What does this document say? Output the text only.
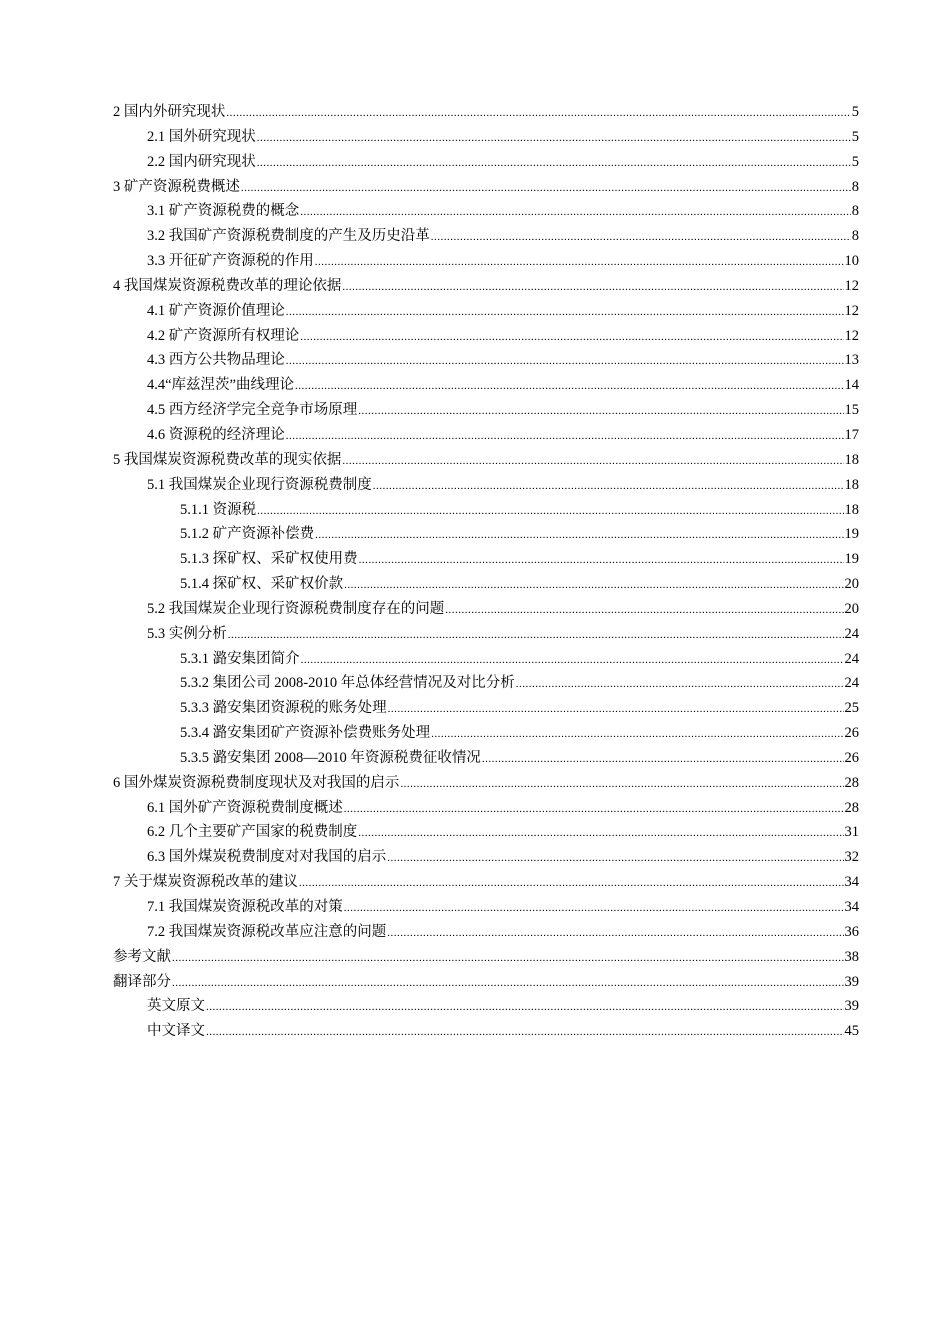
2 国内外研究现状 .....	5
2.1 国外研究现状 .....	5
2.2 国内研究现状 .....	5
3 矿产资源税费概述 .....	8
3.1 矿产资源税费的概念 .....	8
3.2 我国矿产资源税费制度的产生及历史沿革 .....	8
3.3 开征矿产资源税的作用 .....	10
4 我国煤炭资源税费改革的理论依据 .....	12
4.1 矿产资源价值理论 .....	12
4.2 矿产资源所有权理论 .....	12
4.3 西方公共物品理论 .....	13
4.4“库兹涅茨”曲线理论 .....	14
4.5 西方经济学完全竞争市场原理 .....	15
4.6 资源税的经济理论 .....	17
5 我国煤炭资源税费改革的现实依据 .....	18
5.1 我国煤炭企业现行资源税费制度 .....	18
5.1.1 资源税 .....	18
5.1.2 矿产资源补偿费 .....	19
5.1.3 探矿权、采矿权使用费 .....	19
5.1.4 探矿权、采矿权价款 .....	20
5.2 我国煤炭企业现行资源税费制度存在的问题 .....	20
5.3 实例分析 .....	24
5.3.1 潞安集团简介 .....	24
5.3.2 集团公司 2008-2010 年总体经营情况及对比分析 .....	24
5.3.3 潞安集团资源税的账务处理 .....	25
5.3.4 潞安集团矿产资源补偿费账务处理 .....	26
5.3.5 潞安集团 2008—2010 年资源税费征收情况 .....	26
6 国外煤炭资源税费制度现状及对我国的启示 .....	28
6.1 国外矿产资源税费制度概述 .....	28
6.2 几个主要矿产国家的税费制度 .....	31
6.3 国外煤炭税费制度对对我国的启示 .....	32
7 关于煤炭资源税改革的建议 .....	34
7.1 我国煤炭资源税改革的对策 .....	34
7.2 我国煤炭资源税改革应注意的问题 .....	36
参考文献 .....	38
翻译部分 .....	39
英文原文 .....	39
中文译文 .....	45
